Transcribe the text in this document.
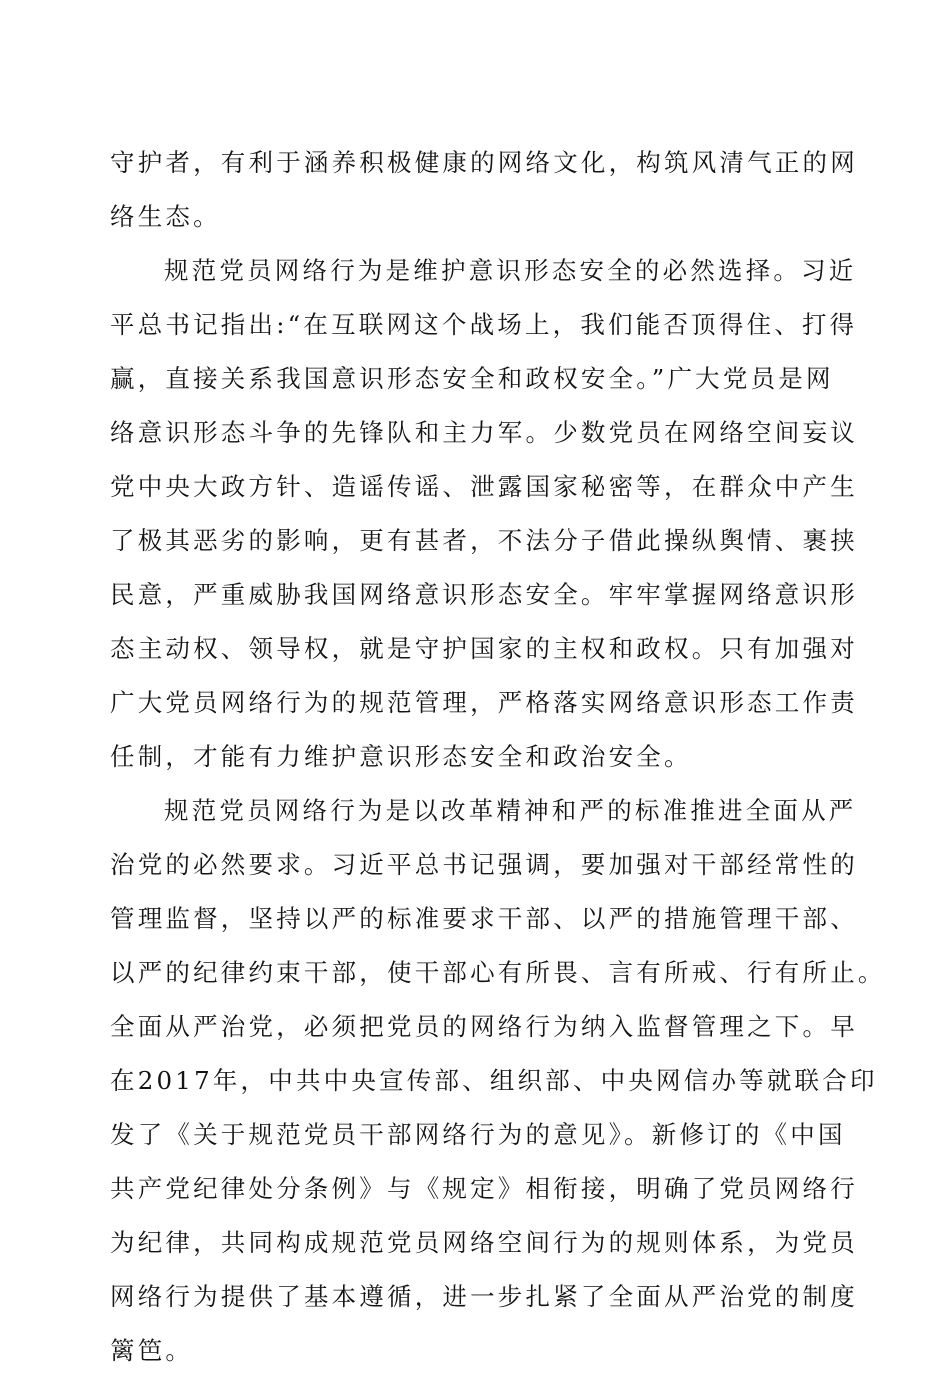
守护者，有利于涵养积极健康的网络文化，构筑风清气正的网
络生态。
规范党员网络行为是维护意识形态安全的必然选择。习近
平总书记指出:“在互联网这个战场上，我们能否顶得住、打得
赢，直接关系我国意识形态安全和政权安全。”广大党员是网
络意识形态斗争的先锋队和主力军。少数党员在网络空间妄议
党中央大政方针、造谣传谣、泄露国家秘密等，在群众中产生
了极其恶劣的影响，更有甚者，不法分子借此操纵舆情、裹挟
民意，严重威胁我国网络意识形态安全。牢牢掌握网络意识形
态主动权、领导权，就是守护国家的主权和政权。只有加强对
广大党员网络行为的规范管理，严格落实网络意识形态工作责
任制，才能有力维护意识形态安全和政治安全。
规范党员网络行为是以改革精神和严的标准推进全面从严
治党的必然要求。习近平总书记强调，要加强对干部经常性的
管理监督，坚持以严的标准要求干部、以严的措施管理干部、
以严的纪律约束干部，使干部心有所畏、言有所戒、行有所止。
全面从严治党，必须把党员的网络行为纳入监督管理之下。早
在2017年，中共中央宣传部、组织部、中央网信办等就联合印
发了《关于规范党员干部网络行为的意见》。新修订的《中国
共产党纪律处分条例》与《规定》相衔接，明确了党员网络行
为纪律，共同构成规范党员网络空间行为的规则体系，为党员
网络行为提供了基本遵循，进一步扎紧了全面从严治党的制度
篱笆。
